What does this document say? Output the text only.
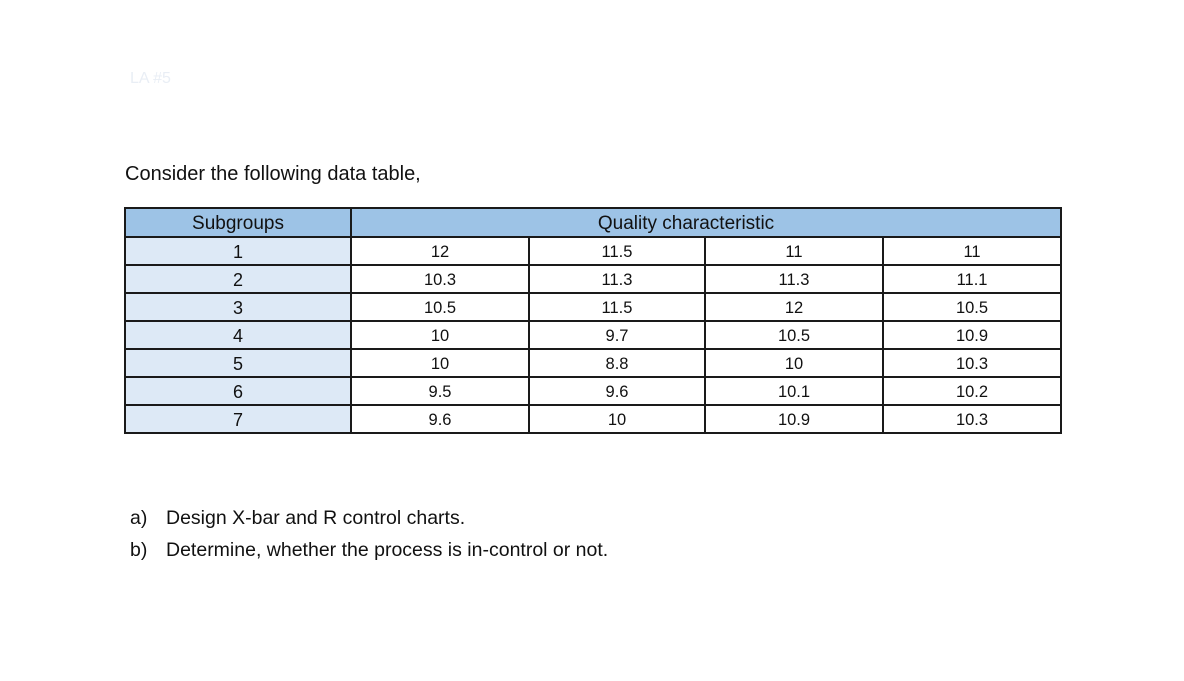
LA #5
Consider the following data table,
Subgroups	Quality characteristic			
1	12	11.5	11	11
2	10.3	11.3	11.3	11.1
3	10.5	11.5	12	10.5
4	10	9.7	10.5	10.9
5	10	8.8	10	10.3
6	9.5	9.6	10.1	10.2
7	9.6	10	10.9	10.3
a) Design X-bar and R control charts.
b) Determine, whether the process is in-control or not.
